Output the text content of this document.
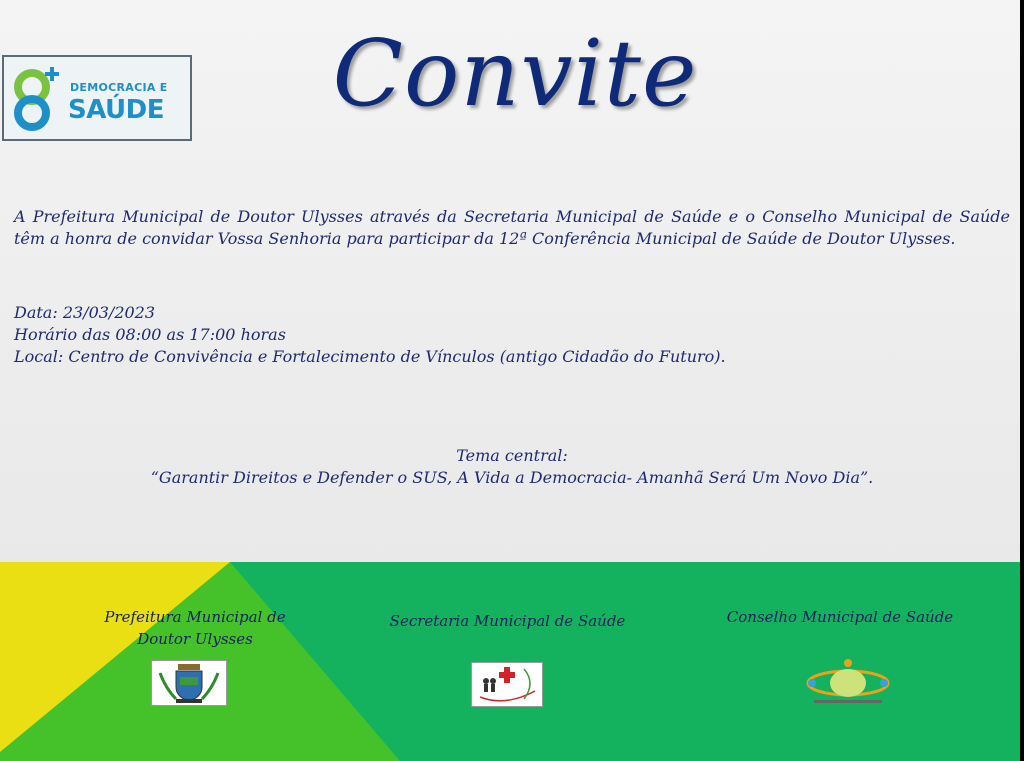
DEMOCRACIA E
SAÚDE	Convite
A Prefeitura Municipal de Doutor Ulysses através da Secretaria Municipal de Saúde e o Conselho Municipal de Saúde têm a honra de convidar Vossa Senhoria para participar da 12ª Conferência Municipal de Saúde de Doutor Ulysses.
Data: 23/03/2023
Horário das 08:00 as 17:00 horas
Local: Centro de Convivência e Fortalecimento de Vínculos (antigo Cidadão do Futuro).
Tema central:
“Garantir Direitos e Defender o SUS, A Vida a Democracia- Amanhã Será Um Novo Dia”.
Prefeitura Municipal de
Doutor Ulysses
Secretaria Municipal de Saúde	Conselho Municipal de Saúde
